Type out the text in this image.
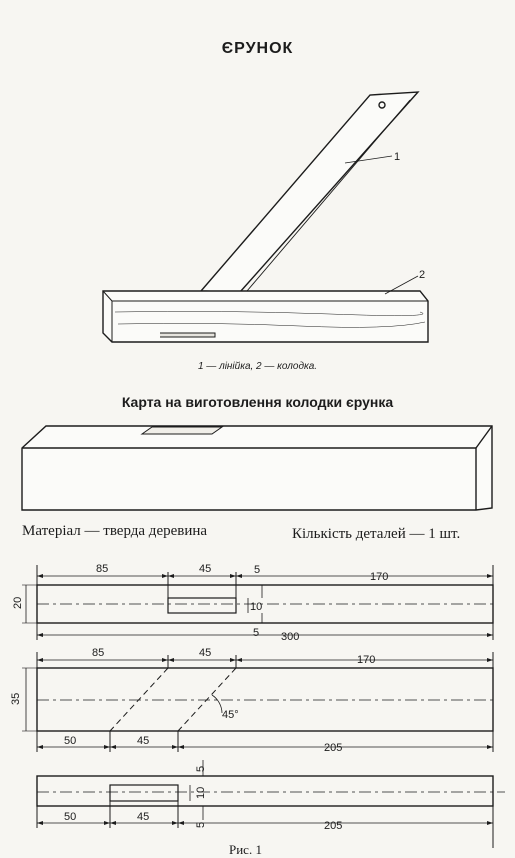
ЄРУНОК
1
2
85	45	5
170
20	10
5 300
85	45
170
35
45°
50	45
205
5
10
5
50	45
205
1 — лінійка, 2 — колодка.
Карта на виготовлення колодки єрунка
Матеріал — тверда деревина	Кількість деталей — 1 шт.
Рис. 1
